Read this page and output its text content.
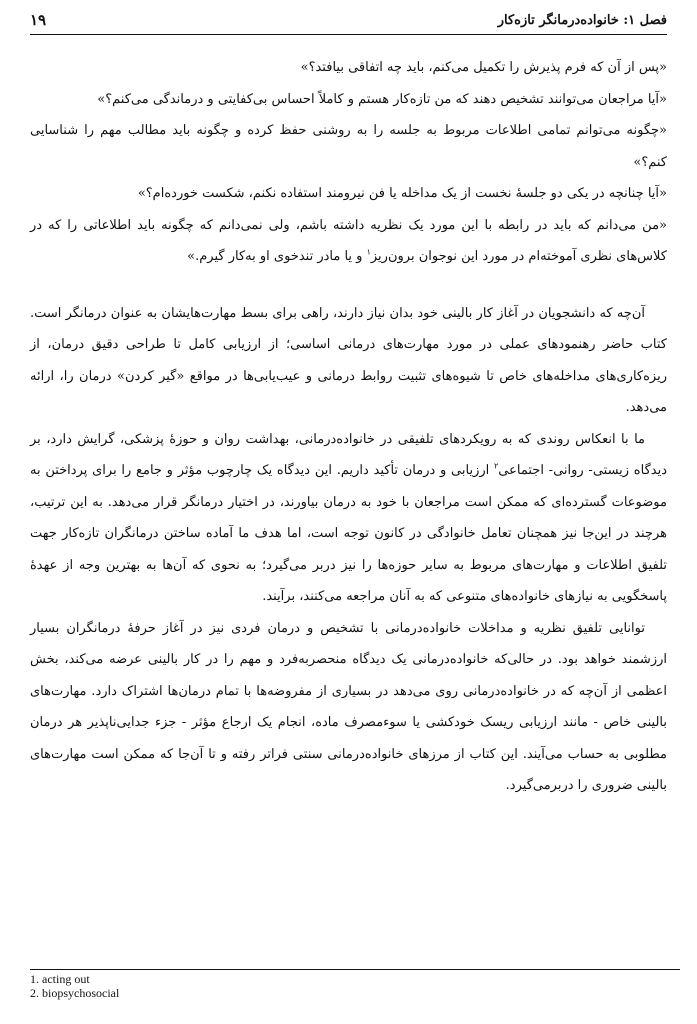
فصل ۱: خانواده‌درمانگر تازه‌کار
۱۹

«پس از آن که فرم پذیرش را تکمیل می‌کنم، باید چه اتفاقی بیافتد؟»

«آیا مراجعان می‌توانند تشخیص دهند که من تازه‌کار هستم و کاملاً احساس بی‌کفایتی و درماندگی می‌کنم؟»

«چگونه می‌توانم تمامی اطلاعات مربوط به جلسه را به روشنی حفظ کرده و چگونه باید مطالب مهم را شناسایی کنم؟»

«آیا چنانچه در یکی دو جلسهٔ نخست از یک مداخله یا فن نیرومند استفاده نکنم، شکست خورده‌ام؟»

«من می‌دانم که باید در رابطه با این مورد یک نظریه داشته باشم، ولی نمی‌دانم که چگونه باید اطلاعاتی را که در کلاس‌های نظری آموخته‌ام در مورد این نوجوان برون‌ریز$^۱$ و یا مادر تندخوی او به‌کار گیرم.»

آن‌چه که دانشجویان در آغاز کار بالینی خود بدان نیاز دارند، راهی برای بسط مهارت‌هایشان به عنوان درمانگر است. کتاب حاضر رهنمودهای عملی در مورد مهارت‌های درمانی اساسی؛ از ارزیابی کامل تا طراحی دقیق درمان، از ریزه‌کاری‌های مداخله‌های خاص تا شیوه‌های تثبیت روابط درمانی و عیب‌یابی‌ها در مواقع «گیر کردن» درمان را، ارائه می‌دهد.

ما با انعکاس روندی که به رویکردهای تلفیقی در خانواده‌درمانی، بهداشت روان و حوزهٔ پزشکی، گرایش دارد، بر دیدگاه زیستی- روانی- اجتماعی$^۲$ ارزیابی و درمان تأکید داریم. این دیدگاه یک چارچوب مؤثر و جامع را برای پرداختن به موضوعات گسترده‌ای که ممکن است مراجعان با خود به درمان بیاورند، در اختیار درمانگر قرار می‌دهد. به این ترتیب، هرچند در این‌جا نیز همچنان تعامل خانوادگی در کانون توجه است، اما هدف ما آماده ساختن درمانگران تازه‌کار جهت تلفیق اطلاعات و مهارت‌های مربوط به سایر حوزه‌ها را نیز دربر می‌گیرد؛ به نحوی که آن‌ها به بهترین وجه از عهدهٔ پاسخگویی به نیازهای خانواده‌های متنوعی که به آنان مراجعه می‌کنند، برآیند.

توانایی تلفیق نظریه و مداخلات خانواده‌درمانی با تشخیص و درمان فردی نیز در آغاز حرفهٔ درمانگران بسیار ارزشمند خواهد بود. در حالی‌که خانواده‌درمانی یک دیدگاه منحصربه‌فرد و مهم را در کار بالینی عرضه می‌کند، بخش اعظمی از آن‌چه که در خانواده‌درمانی روی می‌دهد در بسیاری از مفروضه‌ها با تمام درمان‌ها اشتراک دارد. مهارت‌های بالینی خاص - مانند ارزیابی ریسک خودکشی یا سوءمصرف ماده، انجام یک ارجاع مؤثر - جزء جدایی‌ناپذیر هر درمان مطلوبی به حساب می‌آیند. این کتاب از مرزهای خانواده‌درمانی سنتی فراتر رفته و تا آن‌جا که ممکن است مهارت‌های بالینی ضروری را دربرمی‌گیرد.

1. acting out
2. biopsychosocial
